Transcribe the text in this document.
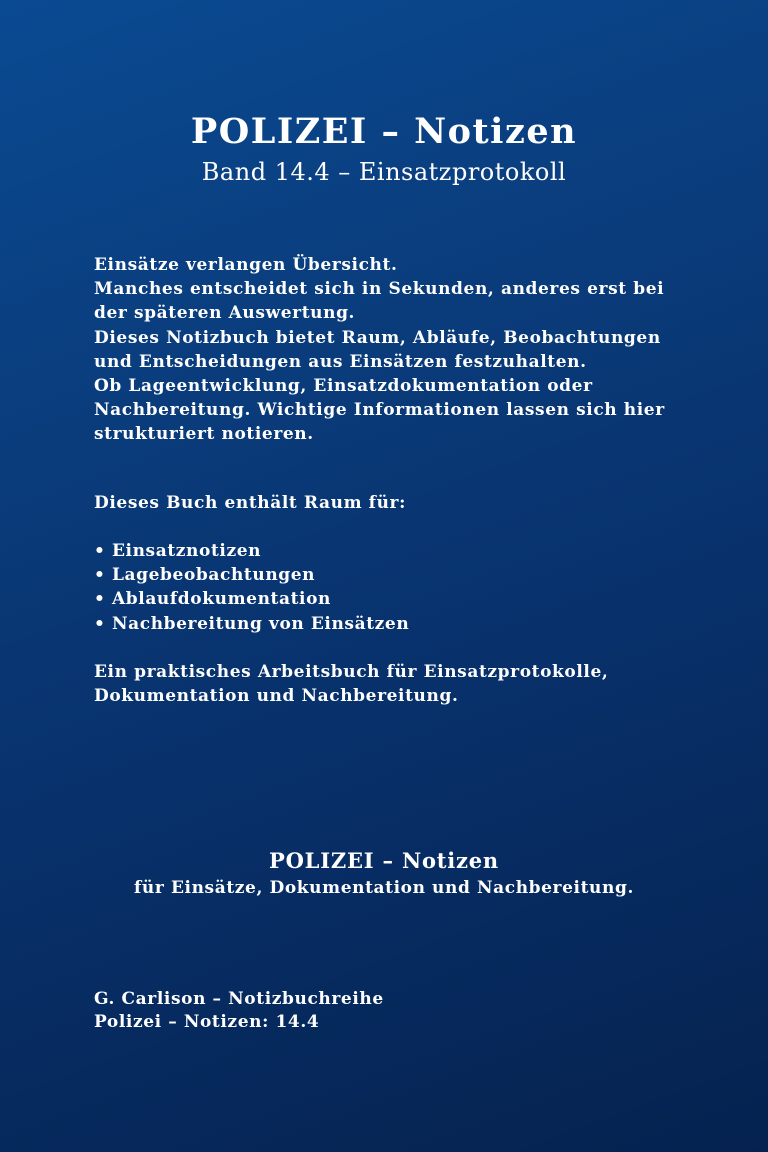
POLIZEI – Notizen
Band 14.4 – Einsatzprotokoll
Einsätze verlangen Übersicht.
Manches entscheidet sich in Sekunden, anderes erst bei
der späteren Auswertung.
Dieses Notizbuch bietet Raum, Abläufe, Beobachtungen
und Entscheidungen aus Einsätzen festzuhalten.
Ob Lageentwicklung, Einsatzdokumentation oder
Nachbereitung. Wichtige Informationen lassen sich hier
strukturiert notieren.
Dieses Buch enthält Raum für:
• Einsatznotizen
• Lagebeobachtungen
• Ablaufdokumentation
• Nachbereitung von Einsätzen
Ein praktisches Arbeitsbuch für Einsatzprotokolle,
Dokumentation und Nachbereitung.
POLIZEI – Notizen
für Einsätze, Dokumentation und Nachbereitung.
G. Carlison – Notizbuchreihe
Polizei – Notizen: 14.4
